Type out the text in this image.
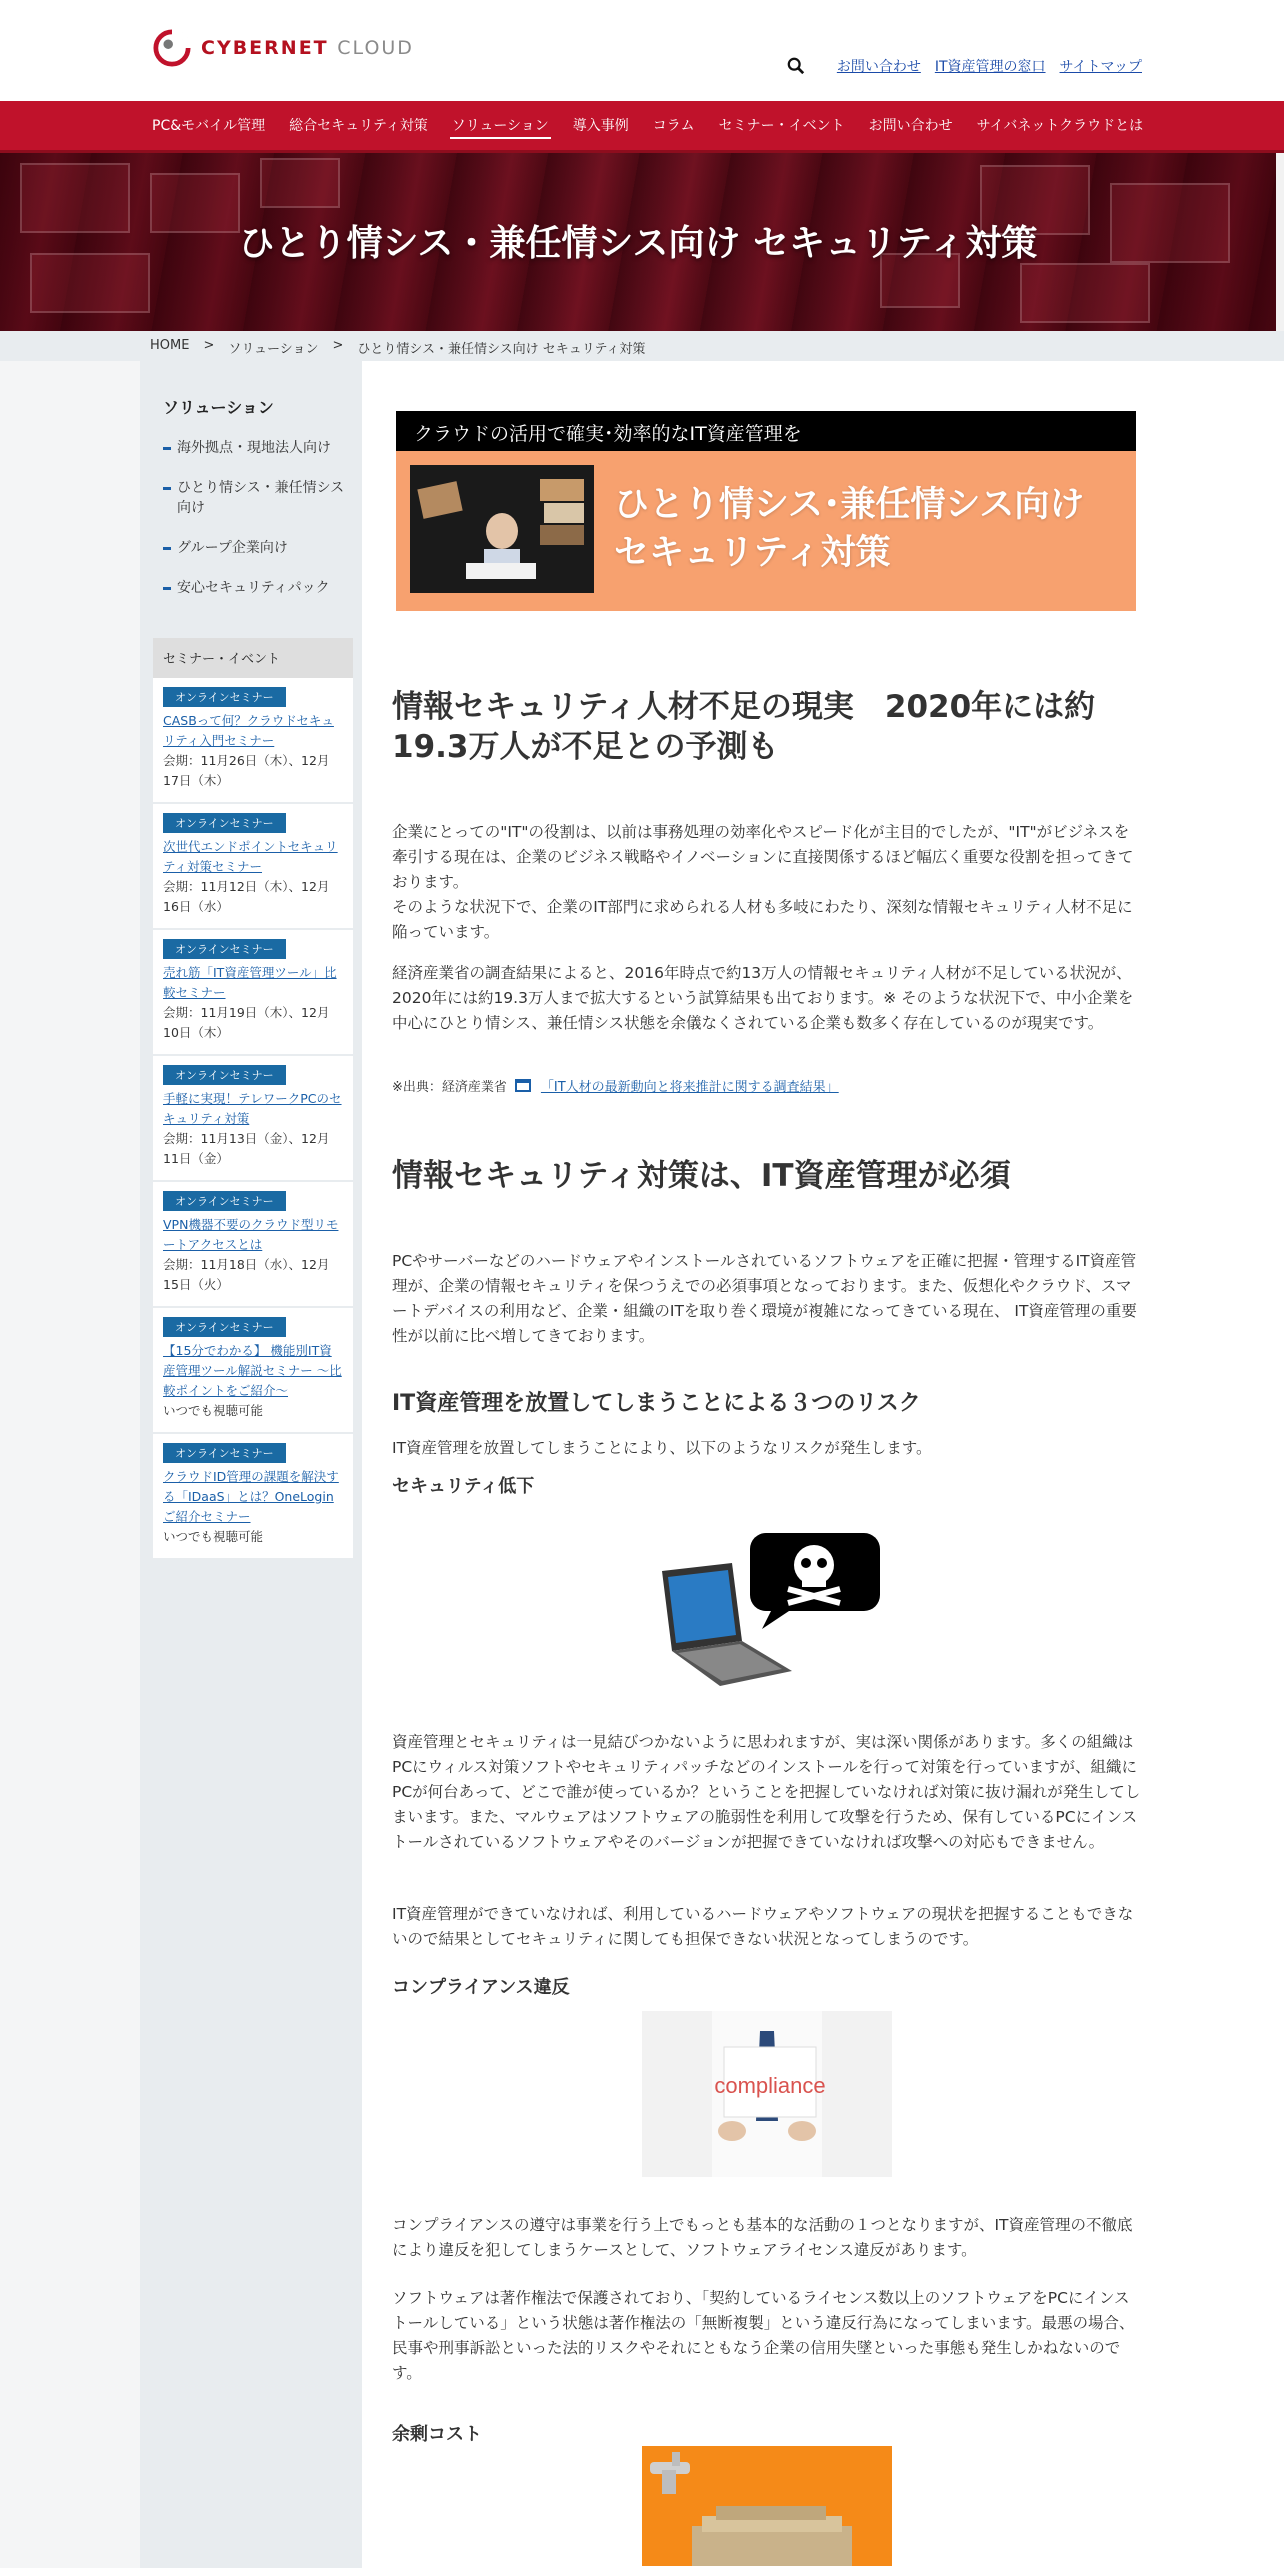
CYBERNET CLOUD
お問い合わせ IT資産管理の窓口 サイトマップ
PC&モバイル管理	総合セキュリティ対策	ソリューション	導入事例	コラム	セミナー・イベント	お問い合わせ	サイバネットクラウドとは
ひとり情シス・兼任情シス向け セキュリティ対策
HOME > ソリューション > ひとり情シス・兼任情シス向け セキュリティ対策
ソリューション
海外拠点・現地法人向け
ひとり情シス・兼任情シス向け
グループ企業向け
安心セキュリティパック
セミナー・イベント
オンラインセミナー
CASBって何？クラウドセキュリティ入門セミナー
会期：11月26日（木）、12月17日（木）
オンラインセミナー
次世代エンドポイントセキュリティ対策セミナー
会期：11月12日（木）、12月16日（水）
オンラインセミナー
売れ筋「IT資産管理ツール」比較セミナー
会期：11月19日（木）、12月10日（木）
オンラインセミナー
手軽に実現！テレワークPCのセキュリティ対策
会期：11月13日（金）、12月11日（金）
オンラインセミナー
VPN機器不要のクラウド型リモートアクセスとは
会期：11月18日（水）、12月15日（火）
オンラインセミナー
【15分でわかる】 機能別IT資産管理ツール解説セミナー ～比較ポイントをご紹介～
いつでも視聴可能
オンラインセミナー
クラウドID管理の課題を解決する「IDaaS」とは？OneLoginご紹介セミナー
いつでも視聴可能
クラウドの活用で確実･効率的なIT資産管理を
ひとり情シス･兼任情シス向け
セキュリティ対策
情報セキュリティ人材不足の現実　2020年には約19.3万人が不足との予測も
企業にとっての"IT"の役割は、以前は事務処理の効率化やスピード化が主目的でしたが、"IT"がビジネスを牽引する現在は、企業のビジネス戦略やイノベーションに直接関係するほど幅広く重要な役割を担ってきております。
そのような状況下で、企業のIT部門に求められる人材も多岐にわたり、深刻な情報セキュリティ人材不足に陥っています。
経済産業省の調査結果によると、2016年時点で約13万人の情報セキュリティ人材が不足している状況が、2020年には約19.3万人まで拡大するという試算結果も出ております。※ そのような状況下で、中小企業を中心にひとり情シス、兼任情シス状態を余儀なくされている企業も数多く存在しているのが現実です。
※出典：経済産業省	「IT人材の最新動向と将来推計に関する調査結果」
情報セキュリティ対策は、IT資産管理が必須
PCやサーバーなどのハードウェアやインストールされているソフトウェアを正確に把握・管理するIT資産管理が、企業の情報セキュリティを保つうえでの必須事項となっております。また、仮想化やクラウド、スマートデバイスの利用など、企業・組織のITを取り巻く環境が複雑になってきている現在、 IT資産管理の重要性が以前に比べ増してきております。
IT資産管理を放置してしまうことによる３つのリスク
IT資産管理を放置してしまうことにより、以下のようなリスクが発生します。
セキュリティ低下
資産管理とセキュリティは一見結びつかないように思われますが、実は深い関係があります。多くの組織はPCにウィルス対策ソフトやセキュリティパッチなどのインストールを行って対策を行っていますが、組織にPCが何台あって、どこで誰が使っているか？ということを把握していなければ対策に抜け漏れが発生してしまいます。また、マルウェアはソフトウェアの脆弱性を利用して攻撃を行うため、保有しているPCにインストールされているソフトウェアやそのバージョンが把握できていなければ攻撃への対応もできません。
IT資産管理ができていなければ、利用しているハードウェアやソフトウェアの現状を把握することもできないので結果としてセキュリティに関しても担保できない状況となってしまうのです。
コンプライアンス違反
compliance
コンプライアンスの遵守は事業を行う上でもっとも基本的な活動の１つとなりますが、IT資産管理の不徹底により違反を犯してしまうケースとして、ソフトウェアライセンス違反があります。
ソフトウェアは著作権法で保護されており、「契約しているライセンス数以上のソフトウェアをPCにインストールしている」という状態は著作権法の「無断複製」という違反行為になってしまいます。最悪の場合、民事や刑事訴訟といった法的リスクやそれにともなう企業の信用失墜といった事態も発生しかねないのです。
余剰コスト
